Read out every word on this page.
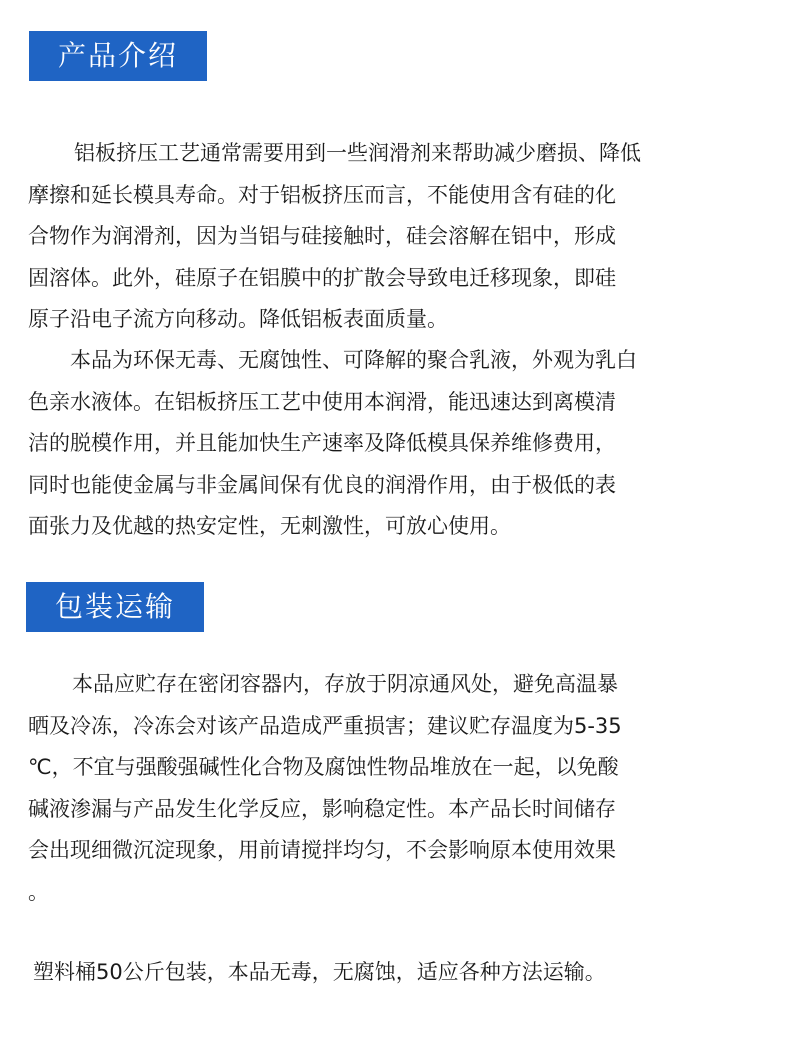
产品介绍

铝板挤压工艺通常需要用到一些润滑剂来帮助减少磨损、降低
摩擦和延长模具寿命。对于铝板挤压而言，不能使用含有硅的化
合物作为润滑剂，因为当铝与硅接触时，硅会溶解在铝中，形成
固溶体。此外，硅原子在铝膜中的扩散会导致电迁移现象，即硅
原子沿电子流方向移动。降低铝板表面质量。

本品为环保无毒、无腐蚀性、可降解的聚合乳液，外观为乳白
色亲水液体。在铝板挤压工艺中使用本润滑，能迅速达到离模清
洁的脱模作用，并且能加快生产速率及降低模具保养维修费用，
同时也能使金属与非金属间保有优良的润滑作用，由于极低的表
面张力及优越的热安定性，无刺激性，可放心使用。

包装运输

本品应贮存在密闭容器内，存放于阴凉通风处，避免高温暴
晒及冷冻，冷冻会对该产品造成严重损害；建议贮存温度为5-35
℃，不宜与强酸强碱性化合物及腐蚀性物品堆放在一起，以免酸
碱液渗漏与产品发生化学反应，影响稳定性。本产品长时间储存
会出现细微沉淀现象，用前请搅拌均匀，不会影响原本使用效果
。

塑料桶50公斤包装，本品无毒，无腐蚀，适应各种方法运输。
